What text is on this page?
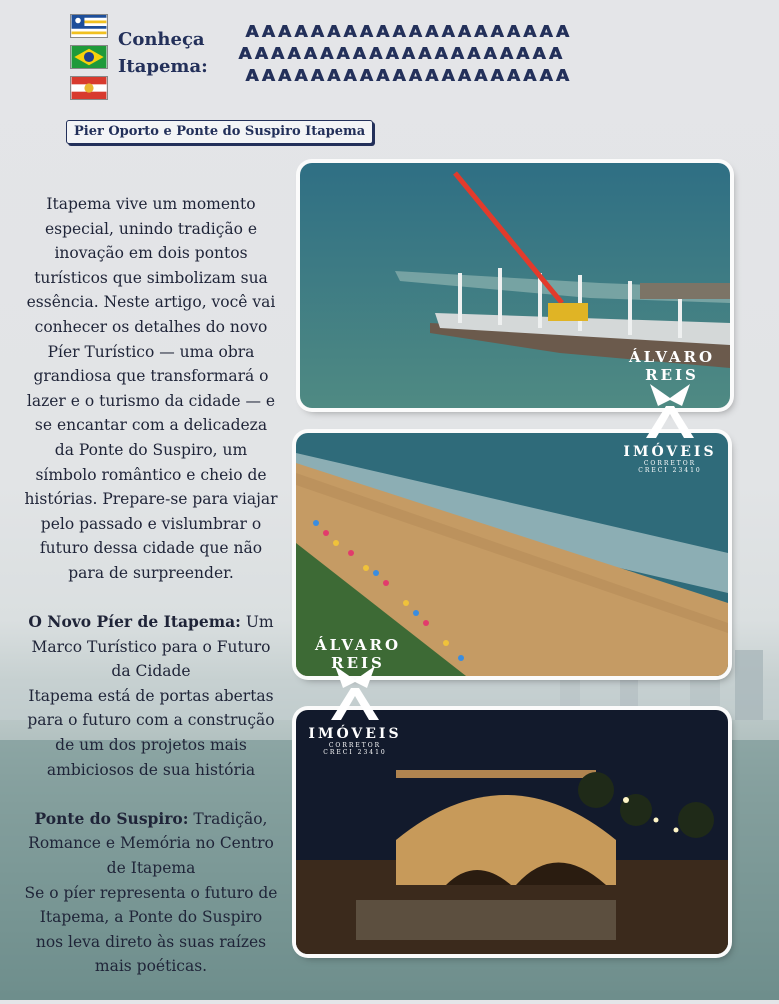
Conheça
Itapema:
ᴀᴀᴀᴀᴀᴀᴀᴀᴀᴀᴀᴀᴀᴀᴀᴀᴀᴀᴀᴀ
ᴀᴀᴀᴀᴀᴀᴀᴀᴀᴀᴀᴀᴀᴀᴀᴀᴀᴀᴀᴀ
ᴀᴀᴀᴀᴀᴀᴀᴀᴀᴀᴀᴀᴀᴀᴀᴀᴀᴀᴀᴀ
Pier Oporto e Ponte do Suspiro Itapema

Itapema vive um momento especial, unindo tradição e inovação em dois pontos turísticos que simbolizam sua essência. Neste artigo, você vai conhecer os detalhes do novo Píer Turístico — uma obra grandiosa que transformará o lazer e o turismo da cidade — e se encantar com a delicadeza da Ponte do Suspiro, um símbolo romântico e cheio de histórias. Prepare-se para viajar pelo passado e vislumbrar o futuro dessa cidade que não para de surpreender.

O Novo Píer de Itapema: Um Marco Turístico para o Futuro da Cidade
Itapema está de portas abertas para o futuro com a construção de um dos projetos mais ambiciosos de sua história

Ponte do Suspiro: Tradição, Romance e Memória no Centro de Itapema
Se o píer representa o futuro de Itapema, a Ponte do Suspiro nos leva direto às suas raízes mais poéticas.

ÁLVARO REIS
IMÓVEIS
CORRETOR
CRECI 23410
ÁLVARO REIS
IMÓVEIS
CORRETOR
CRECI 23410
